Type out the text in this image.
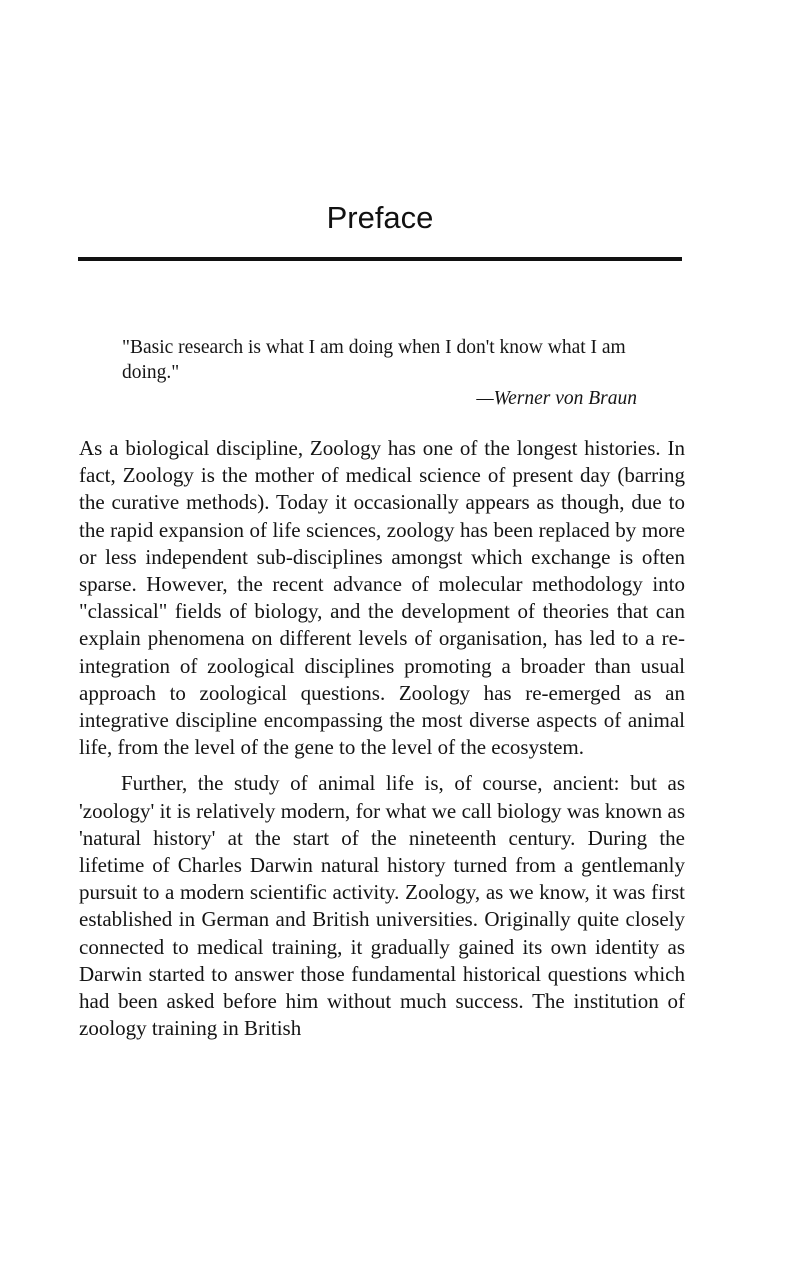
Preface
"Basic research is what I am doing when I don't know what I am doing."
—Werner von Braun

As a biological discipline, Zoology has one of the longest histories. In fact, Zoology is the mother of medical science of present day (barring the curative methods). Today it occasionally appears as though, due to the rapid expansion of life sciences, zoology has been replaced by more or less independent sub-disciplines amongst which exchange is often sparse. However, the recent advance of molecular methodology into "classical" fields of biology, and the development of theories that can explain phenomena on different levels of organisation, has led to a re-integration of zoological disciplines promoting a broader than usual approach to zoological questions. Zoology has re-emerged as an integrative discipline encompassing the most diverse aspects of animal life, from the level of the gene to the level of the ecosystem.

Further, the study of animal life is, of course, ancient: but as 'zoology' it is relatively modern, for what we call biology was known as 'natural history' at the start of the nineteenth century. During the lifetime of Charles Darwin natural history turned from a gentlemanly pursuit to a modern scientific activity. Zoology, as we know, it was first established in German and British universities. Originally quite closely connected to medical training, it gradually gained its own identity as Darwin started to answer those fundamental historical questions which had been asked before him without much success. The institution of zoology training in British
